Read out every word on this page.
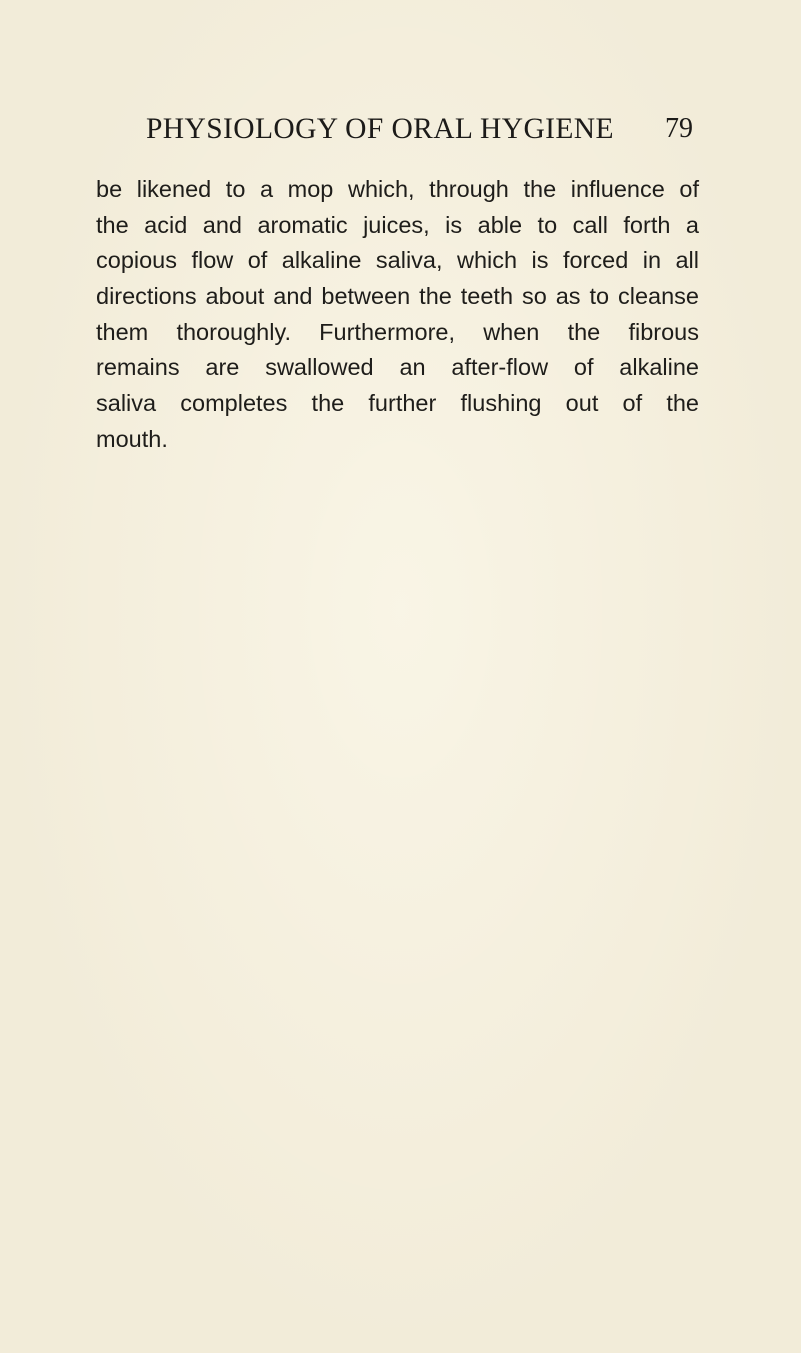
PHYSIOLOGY OF ORAL HYGIENE 79
be likened to a mop which, through the influence of
the acid and aromatic juices, is able to call forth a
copious flow of alkaline saliva, which is forced in all
directions about and between the teeth so as to cleanse
them thoroughly. Furthermore, when the fibrous
remains are swallowed an after-flow of alkaline
saliva completes the further flushing out of the
mouth.
